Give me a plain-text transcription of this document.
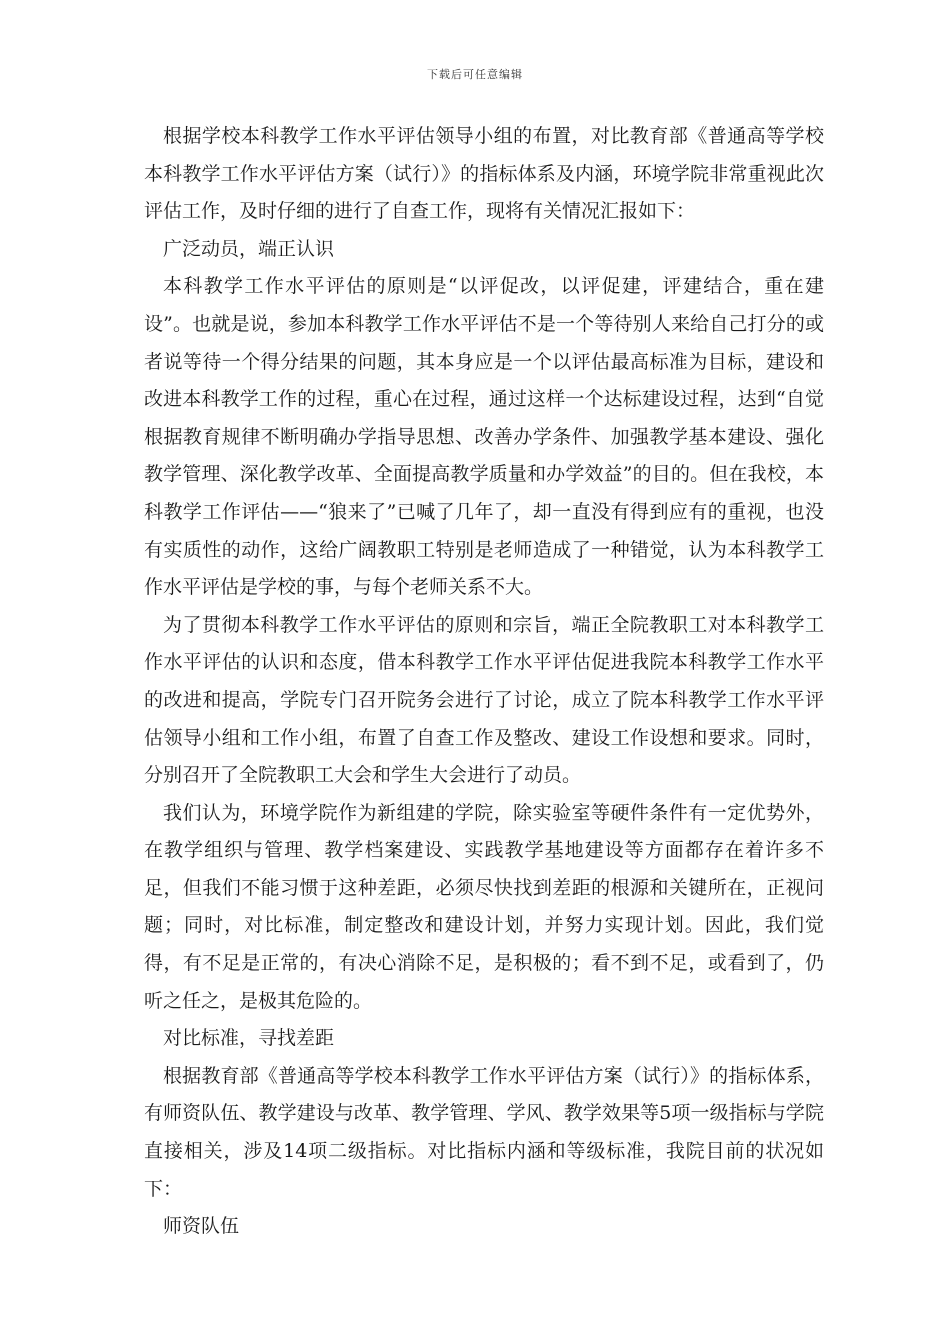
下载后可任意编辑

根据学校本科教学工作水平评估领导小组的布置，对比教育部《普通高等学校本科教学工作水平评估方案（试行）》的指标体系及内涵，环境学院非常重视此次评估工作，及时仔细的进行了自查工作，现将有关情况汇报如下：

广泛动员，端正认识

本科教学工作水平评估的原则是“以评促改，以评促建，评建结合，重在建设”。也就是说，参加本科教学工作水平评估不是一个等待别人来给自己打分的或者说等待一个得分结果的问题，其本身应是一个以评估最高标准为目标，建设和改进本科教学工作的过程，重心在过程，通过这样一个达标建设过程，达到“自觉根据教育规律不断明确办学指导思想、改善办学条件、加强教学基本建设、强化教学管理、深化教学改革、全面提高教学质量和办学效益”的目的。但在我校，本科教学工作评估——“狼来了”已喊了几年了，却一直没有得到应有的重视，也没有实质性的动作，这给广阔教职工特别是老师造成了一种错觉，认为本科教学工作水平评估是学校的事，与每个老师关系不大。

为了贯彻本科教学工作水平评估的原则和宗旨，端正全院教职工对本科教学工作水平评估的认识和态度，借本科教学工作水平评估促进我院本科教学工作水平的改进和提高，学院专门召开院务会进行了讨论，成立了院本科教学工作水平评估领导小组和工作小组，布置了自查工作及整改、建设工作设想和要求。同时，分别召开了全院教职工大会和学生大会进行了动员。

我们认为，环境学院作为新组建的学院，除实验室等硬件条件有一定优势外，在教学组织与管理、教学档案建设、实践教学基地建设等方面都存在着许多不足，但我们不能习惯于这种差距，必须尽快找到差距的根源和关键所在，正视问题；同时，对比标准，制定整改和建设计划，并努力实现计划。因此，我们觉得，有不足是正常的，有决心消除不足，是积极的；看不到不足，或看到了，仍听之任之，是极其危险的。

对比标准，寻找差距

根据教育部《普通高等学校本科教学工作水平评估方案（试行）》的指标体系，有师资队伍、教学建设与改革、教学管理、学风、教学效果等5项一级指标与学院直接相关，涉及14项二级指标。对比指标内涵和等级标准，我院目前的状况如下：

师资队伍
